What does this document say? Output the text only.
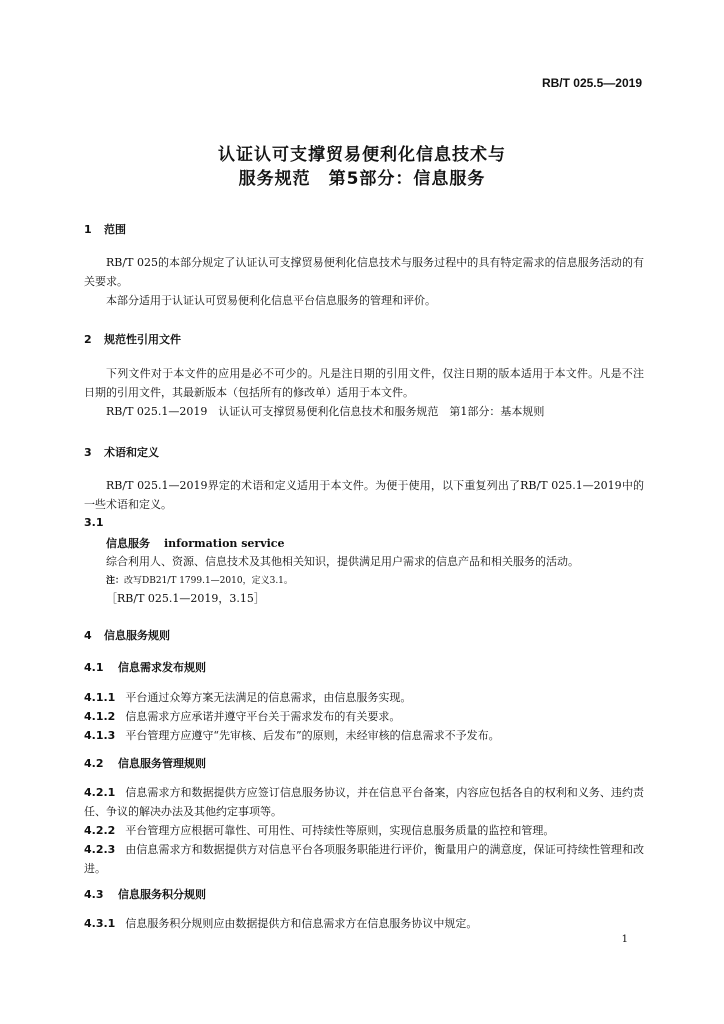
RB/T 025.5—2019
认证认可支撑贸易便利化信息技术与
服务规范　第5部分：信息服务
1 范围
RB/T 025的本部分规定了认证认可支撑贸易便利化信息技术与服务过程中的具有特定需求的信息服务活动的有关要求。
本部分适用于认证认可贸易便利化信息平台信息服务的管理和评价。
2 规范性引用文件
下列文件对于本文件的应用是必不可少的。凡是注日期的引用文件，仅注日期的版本适用于本文件。凡是不注日期的引用文件，其最新版本（包括所有的修改单）适用于本文件。
RB/T 025.1—2019　认证认可支撑贸易便利化信息技术和服务规范　第1部分：基本规则
3 术语和定义
RB/T 025.1—2019界定的术语和定义适用于本文件。为便于使用，以下重复列出了RB/T 025.1—2019中的一些术语和定义。
3.1
信息服务 information service
综合利用人、资源、信息技术及其他相关知识，提供满足用户需求的信息产品和相关服务的活动。
注：改写DB21/T 1799.1—2010，定义3.1。
［RB/T 025.1—2019，3.15］
4 信息服务规则
4.1 信息需求发布规则
4.1.1 平台通过众筹方案无法满足的信息需求，由信息服务实现。
4.1.2 信息需求方应承诺并遵守平台关于需求发布的有关要求。
4.1.3 平台管理方应遵守“先审核、后发布”的原则，未经审核的信息需求不予发布。
4.2 信息服务管理规则
4.2.1 信息需求方和数据提供方应签订信息服务协议，并在信息平台备案，内容应包括各自的权利和义务、违约责任、争议的解决办法及其他约定事项等。
4.2.2 平台管理方应根据可靠性、可用性、可持续性等原则，实现信息服务质量的监控和管理。
4.2.3 由信息需求方和数据提供方对信息平台各项服务职能进行评价，衡量用户的满意度，保证可持续性管理和改进。
4.3 信息服务积分规则
4.3.1 信息服务积分规则应由数据提供方和信息需求方在信息服务协议中规定。
1
